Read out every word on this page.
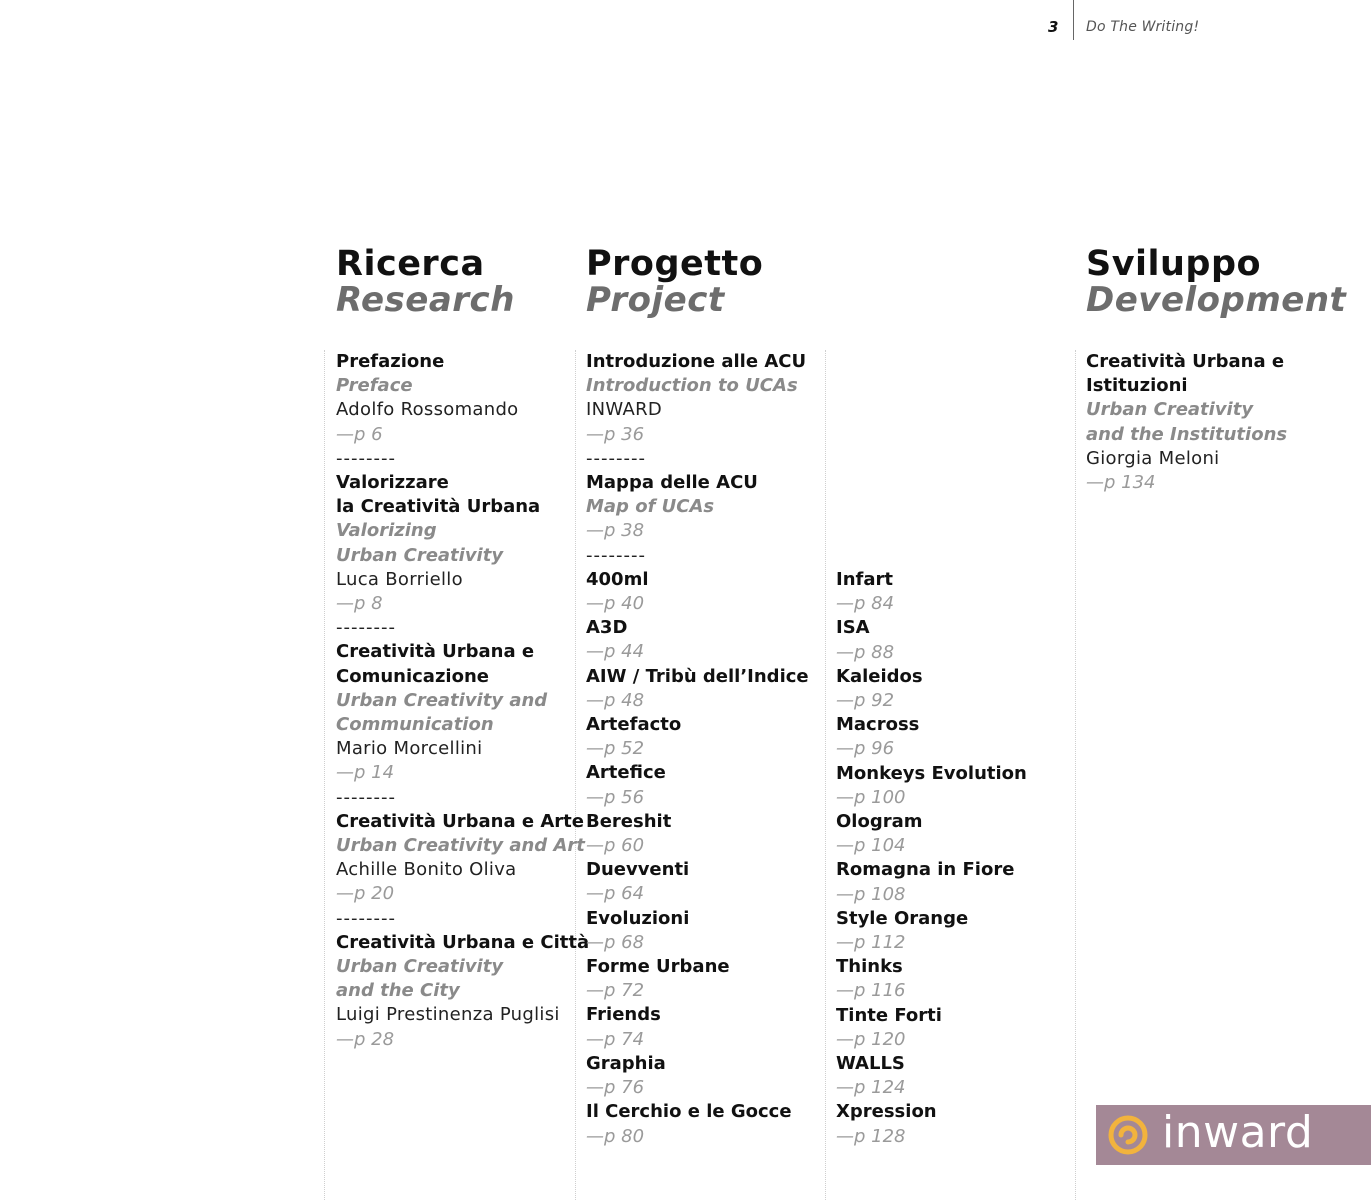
3 Do The Writing!
Ricerca
Research
Progetto
Project
Sviluppo
Development
Prefazione
Preface
Adolfo Rossomando
—p 6
--------
Valorizzare
la Creatività Urbana
Valorizing
Urban Creativity
Luca Borriello
—p 8
--------
Creatività Urbana e
Comunicazione
Urban Creativity and
Communication
Mario Morcellini
—p 14
--------
Creatività Urbana e Arte
Urban Creativity and Art
Achille Bonito Oliva
—p 20
--------
Creatività Urbana e Città
Urban Creativity
and the City
Luigi Prestinenza Puglisi
—p 28
Introduzione alle ACU
Introduction to UCAs
INWARD
—p 36
--------
Mappa delle ACU
Map of UCAs
—p 38
--------
400ml
—p 40
A3D
—p 44
AIW / Tribù dell’Indice
—p 48
Artefacto
—p 52
Artefice
—p 56
Bereshit
—p 60
Duevventi
—p 64
Evoluzioni
—p 68
Forme Urbane
—p 72
Friends
—p 74
Graphia
—p 76
Il Cerchio e le Gocce
—p 80
Infart
—p 84
ISA
—p 88
Kaleidos
—p 92
Macross
—p 96
Monkeys Evolution
—p 100
Ologram
—p 104
Romagna in Fiore
—p 108
Style Orange
—p 112
Thinks
—p 116
Tinte Forti
—p 120
WALLS
—p 124
Xpression
—p 128
Creatività Urbana e
Istituzioni
Urban Creativity
and the Institutions
Giorgia Meloni
—p 134
inward
